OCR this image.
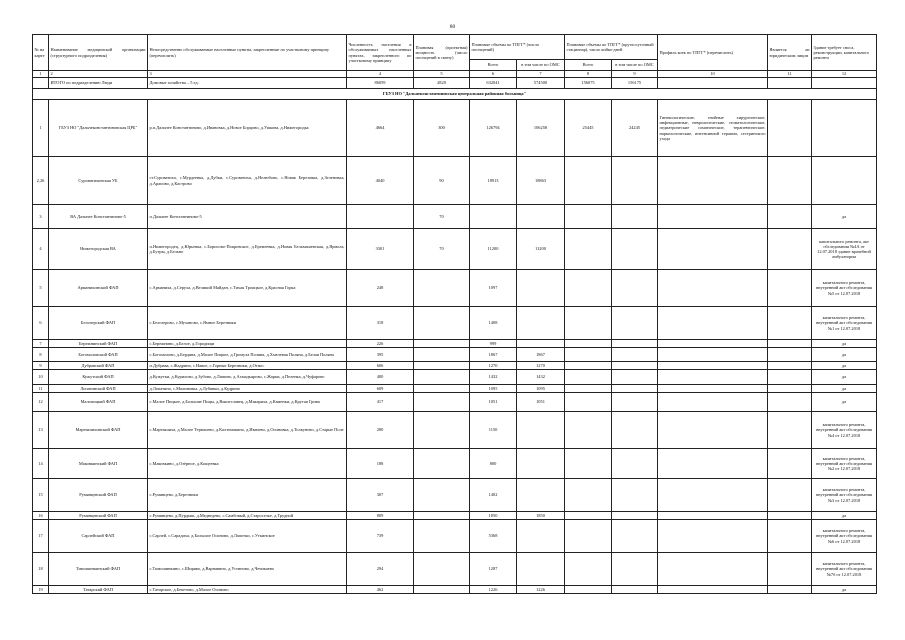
80
№ на карте	Наименование медицинской организации (структурного подразделения)	Непосредственно обслуживаемые населенные пункты, закрепленные по участковому принципу (перечислить)	Численность населения в обслуживаемых населенных пунктах, закрепленного по участковому принципу	Плановая (проектная) мощность (число посещений в смену)	Плановые объемы по ТПГГ* (число посещений)		Плановые объемы по ТПГГ* (круглосуточный стационар), число койко-дней		Профиль коек по ТПГГ* (перечислить)	Является ли юридическим лицом	Здание требует сноса, реконструкции, капитального ремонта
					Всего	в том числе по ОМС	Всего	в том числе по ОМС			
1	2	3	4	5	6	7	8	9	10	11	12
	ИТОГО по подразделению Люди	Домовые хозяйства – 5 ед.	86059	2820	632041	574500	156075	156175			
ГБУЗ НО "Дальнеконстантиновская центральная районная больница"											
1	ГБУЗ НО "Дальнеконстантиновская ЦРБ"	р.п.Дальнее Константиново, д.Ивановка, д.Новое Борцово, д.Ушкова, д.Нижегородка	4664	300	126794	106258	25445	24245	Гинекологические, гнойные хирургические, инфекционные, неврологические, стоматологические, педиатрические соматические, терапевтические, наркологические, интенсивной терапии, сестринского ухода		
2,26	Суроватихинская УБ	ст.Суроватиха, с.Мурдеевка, д.Дубки, с.Суроватиха, д.Нелюбово, с.Новая Березовка, д.Зеленовка, д.Арапово, д.Кастрово	4040	90	18913	18863					
3	ВА Дальнее Константиново-5	п.Дальнее Константиново-5		70							да
4	Нижегородская ВА	п.Нижегородец, д.Юрьевка, с.Борисово-Покровское, д.Еремеевка, д.Новая Бельмашевская, д.Ярмола, д.Бутры, д.Бельно	3301	70	11200	11200					капитального ремонта, акт обследования №4А от 12.07.2018 здание врачебной амбулатории
5	Арманихинский ФАП	с.Арманиха, д.Серуха, д.Великий Майдан, с.Тихая Троицкое, д.Красная Горка	248		1097						капитального ремонта, внутренний акт обследования №5 от 12.07.2018
6	Белозерский ФАП	с.Белозерово, с.Муханово, с.Ямное Березники	318		1408						капитального ремонта, внутренний акт обследования №1 от 12.07.2018
7	Бережнинский ФАП	с.Бережнино, д.Белое, д.Городищи	226		999						да
8	Богомоловский ФАП	с.Богомолово, д.Бердяна, д.Малое Пицкое, д.Громуха Поляна, д.Хмелевая Поляна, д.Белая Поляна	395		1867	1867					да
9	Дубравский ФАП	п.Дубрава, с.Жадрино, с.Навое, с.Горные Березники, д.Относ	606		1270	1270					да
10	Кужутский ФАП	д.Кужутки, д.Курилово, д.Зубово, д.Ляпино, д.Ахмадъярово, с.Жарки, д.Пеленка, д.Чуфарово	400		1432	1432					да
11	Лопатинский ФАП	д.Лопатино, с.Малиновка, д.Лубянки, д.Кудрино	609		1095	1095					да
12	Малопицкий ФАП	с.Малое Пицкое, д.Большие Пицы, д.Вышеславец, д.Макариха, д.Каменки, д.Крутая Грива	417		1051	1051					да
13	Мартышихинский ФАП	с.Мартышиха, д.Малое Терюшево, д.Калтомакино, д.Ивачево, д.Осиновка, д.Толкуново, д.Старые Поле	280		1150						капитального ремонта, внутренний акт обследования №4 от 12.07.2018
14	Маковкинский ФАП	с.Маковкино, д.Озёрное, д.Кощеевка	188		800						капитального ремонта, внутренний акт обследования №2 от 12.07.2018
15	Румянцевский ФАП	с.Румянцево, д.Березники	307		1402						капитального ремонта, внутренний акт обследования №3 от 12.07.2018
16	Румянцевский ФАП	с.Румянцево, д.Пурдыш, д.Медведево, с.Самбовый, д.Староселье, д.Трудной	809		1850	1850					да
17	Сарлейский ФАП	с.Сарлей, с.Сарадиха, д.Большое Осиново, д.Лапотки, с.Уткинское	739		5368						капитального ремонта, внутренний акт обследования №6 от 12.07.2018
18	Тимошинкинский ФАП	с.Тимошинкино, с.Ширяво, д.Варнавино, д.Устиново, д.Чечикаево	294		1287						капитального ремонта, внутренний акт обследования №7б от 12.07.2018
19	Татарский ФАП	с.Татарское, д.Бекетово, д.Малое Осиново	462		1226	1226					да
